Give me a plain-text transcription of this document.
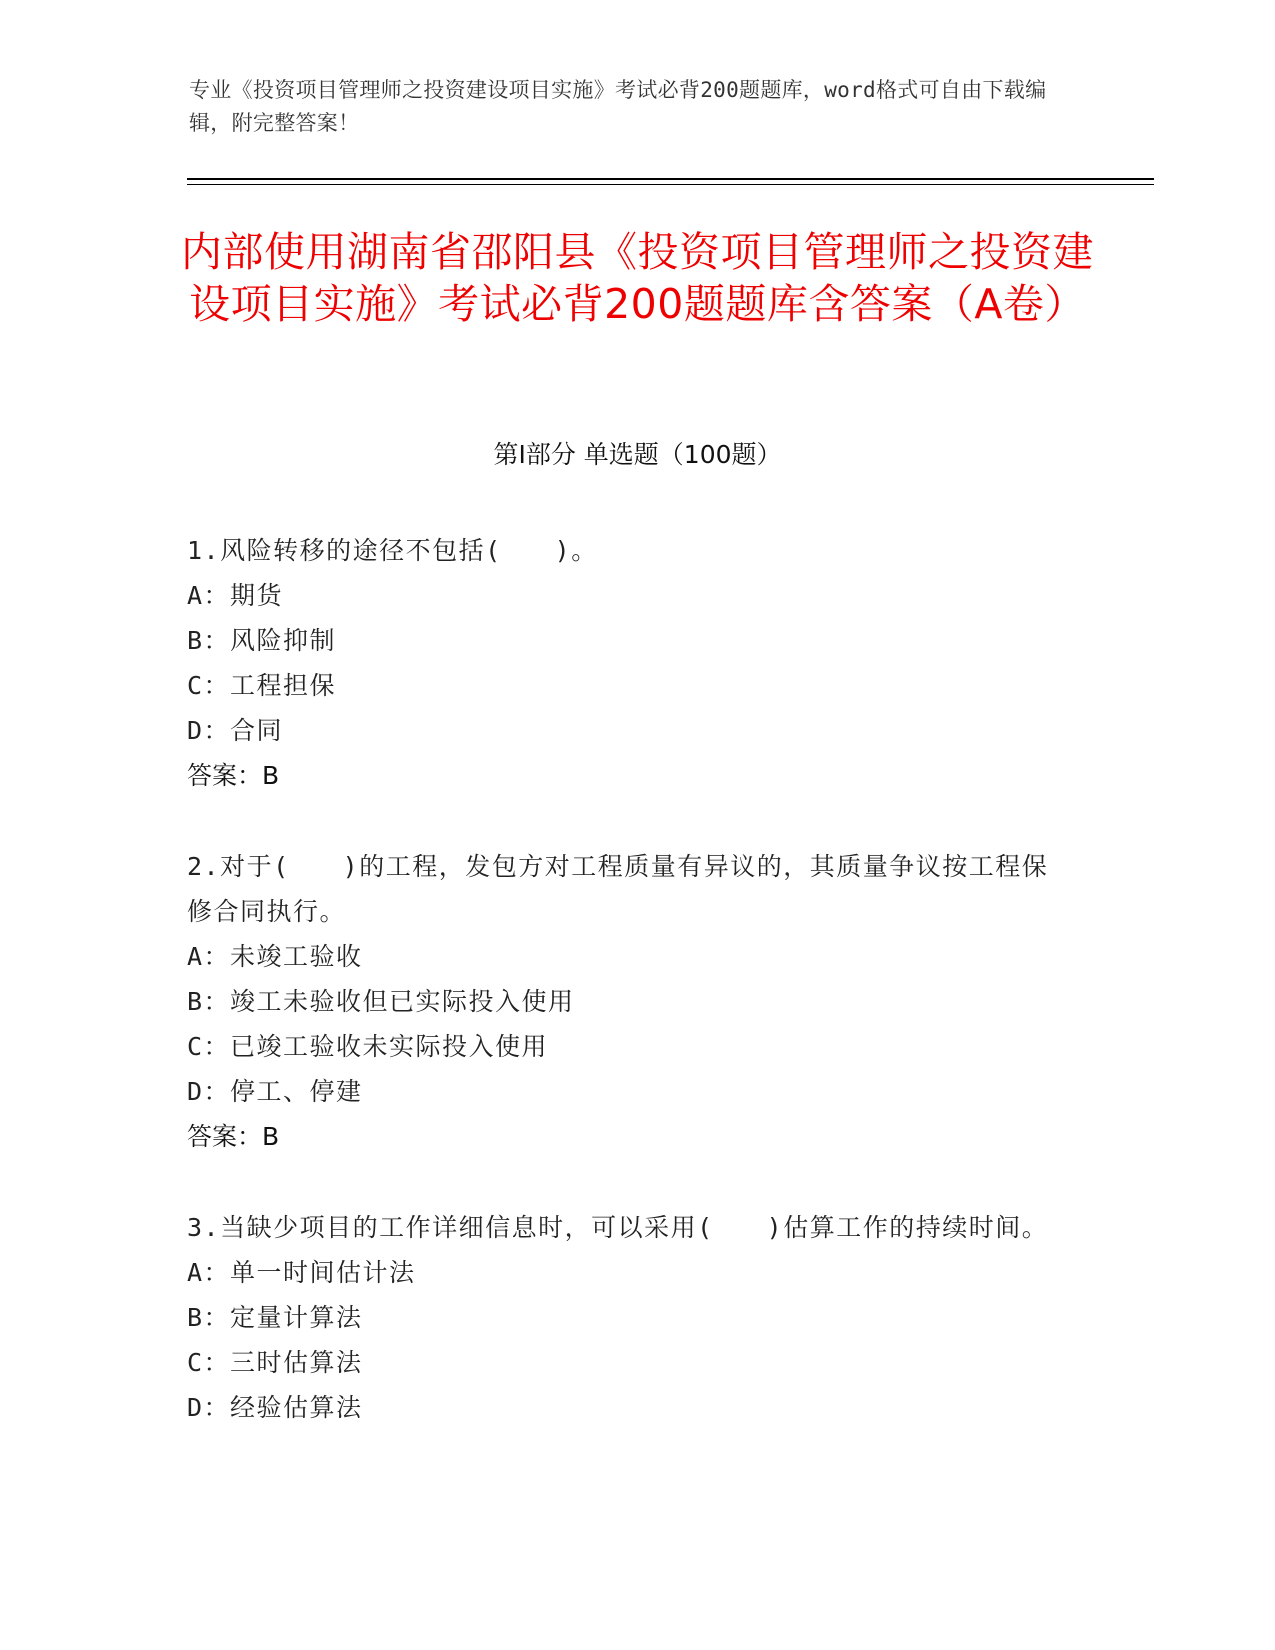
专业《投资项目管理师之投资建设项目实施》考试必背200题题库，word格式可自由下载编辑，附完整答案！
内部使用湖南省邵阳县《投资项目管理师之投资建设项目实施》考试必背200题题库含答案（A卷）
第Ⅰ部分 单选题（100题）
1.风险转移的途径不包括(　　)。
A：期货
B：风险抑制
C：工程担保
D：合同
答案：B
2.对于(　　)的工程，发包方对工程质量有异议的，其质量争议按工程保修合同执行。
A：未竣工验收
B：竣工未验收但已实际投入使用
C：已竣工验收未实际投入使用
D：停工、停建
答案：B
3.当缺少项目的工作详细信息时，可以采用(　　)估算工作的持续时间。
A：单一时间估计法
B：定量计算法
C：三时估算法
D：经验估算法
